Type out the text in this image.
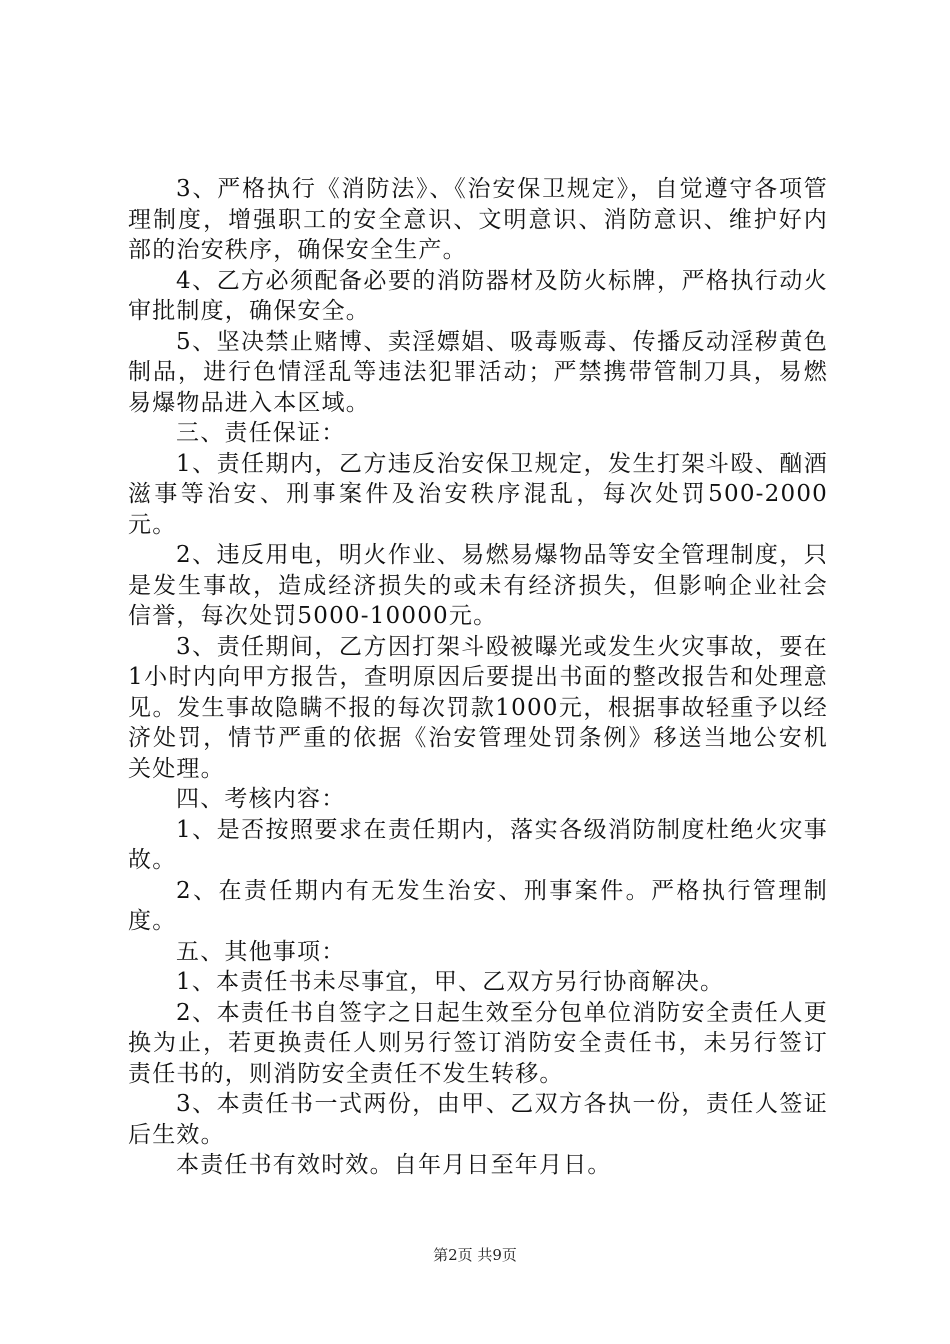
3、严格执行《消防法》、《治安保卫规定》，自觉遵守各项管理制度，增强职工的安全意识、文明意识、消防意识、维护好内部的治安秩序，确保安全生产。

4、乙方必须配备必要的消防器材及防火标牌，严格执行动火审批制度，确保安全。

5、坚决禁止赌博、卖淫嫖娼、吸毒贩毒、传播反动淫秽黄色制品，进行色情淫乱等违法犯罪活动；严禁携带管制刀具，易燃易爆物品进入本区域。

三、责任保证：

1、责任期内，乙方违反治安保卫规定，发生打架斗殴、酗酒滋事等治安、刑事案件及治安秩序混乱，每次处罚500-2000元。

2、违反用电，明火作业、易燃易爆物品等安全管理制度，只是发生事故，造成经济损失的或未有经济损失，但影响企业社会信誉，每次处罚5000-10000元。

3、责任期间，乙方因打架斗殴被曝光或发生火灾事故，要在1小时内向甲方报告，查明原因后要提出书面的整改报告和处理意见。发生事故隐瞒不报的每次罚款1000元，根据事故轻重予以经济处罚，情节严重的依据《治安管理处罚条例》移送当地公安机关处理。

四、考核内容：

1、是否按照要求在责任期内，落实各级消防制度杜绝火灾事故。

2、在责任期内有无发生治安、刑事案件。严格执行管理制度。

五、其他事项：

1、本责任书未尽事宜，甲、乙双方另行协商解决。

2、本责任书自签字之日起生效至分包单位消防安全责任人更换为止，若更换责任人则另行签订消防安全责任书，未另行签订责任书的，则消防安全责任不发生转移。

3、本责任书一式两份，由甲、乙双方各执一份，责任人签证后生效。

本责任书有效时效。自年月日至年月日。

第2页 共9页
